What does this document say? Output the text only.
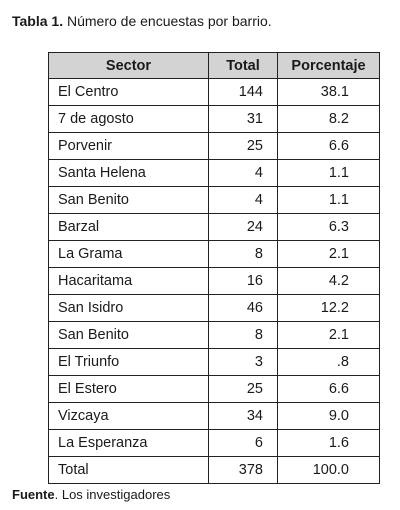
Tabla 1. Número de encuestas por barrio.
Sector	Total	Porcentaje
El Centro	144	38.1
7 de agosto	31	8.2
Porvenir	25	6.6
Santa Helena	4	1.1
San Benito	4	1.1
Barzal	24	6.3
La Grama	8	2.1
Hacaritama	16	4.2
San Isidro	46	12.2
San Benito	8	2.1
El Triunfo	3	.8
El Estero	25	6.6
Vizcaya	34	9.0
La Esperanza	6	1.6
Total	378	100.0
Fuente. Los investigadores
